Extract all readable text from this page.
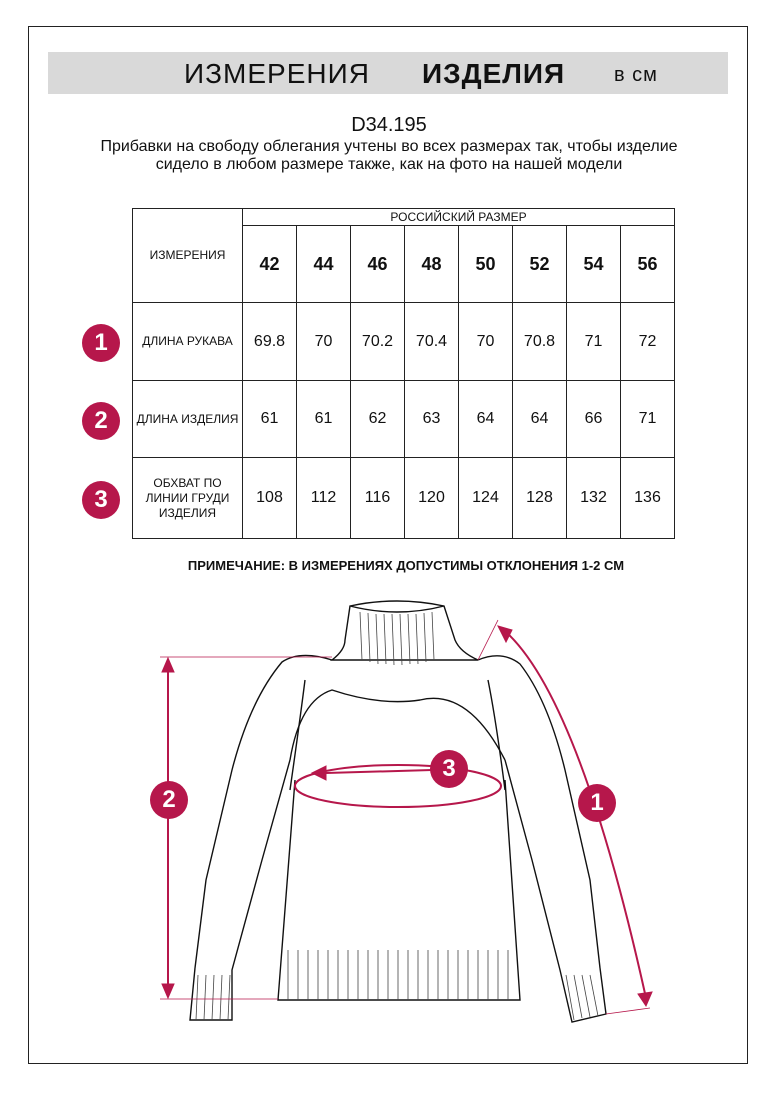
ИЗМЕРЕНИЯ ИЗДЕЛИЯ в см
D34.195
Прибавки на свободу облегания учтены во всех размерах так, чтобы изделие сидело в любом размере также, как на фото на нашей модели
ИЗМЕРЕНИЯ	РОССИЙСКИЙ РАЗМЕР							
	42	44	46	48	50	52	54	56
ДЛИНА РУКАВА	69.8	70	70.2	70.4	70	70.8	71	72
ДЛИНА ИЗДЕЛИЯ	61	61	62	63	64	64	66	71
ОБХВАТ ПО ЛИНИИ ГРУДИ ИЗДЕЛИЯ	108	112	116	120	124	128	132	136
1
2
3
ПРИМЕЧАНИЕ: В ИЗМЕРЕНИЯХ ДОПУСТИМЫ ОТКЛОНЕНИЯ 1-2 СМ
2	1
3
